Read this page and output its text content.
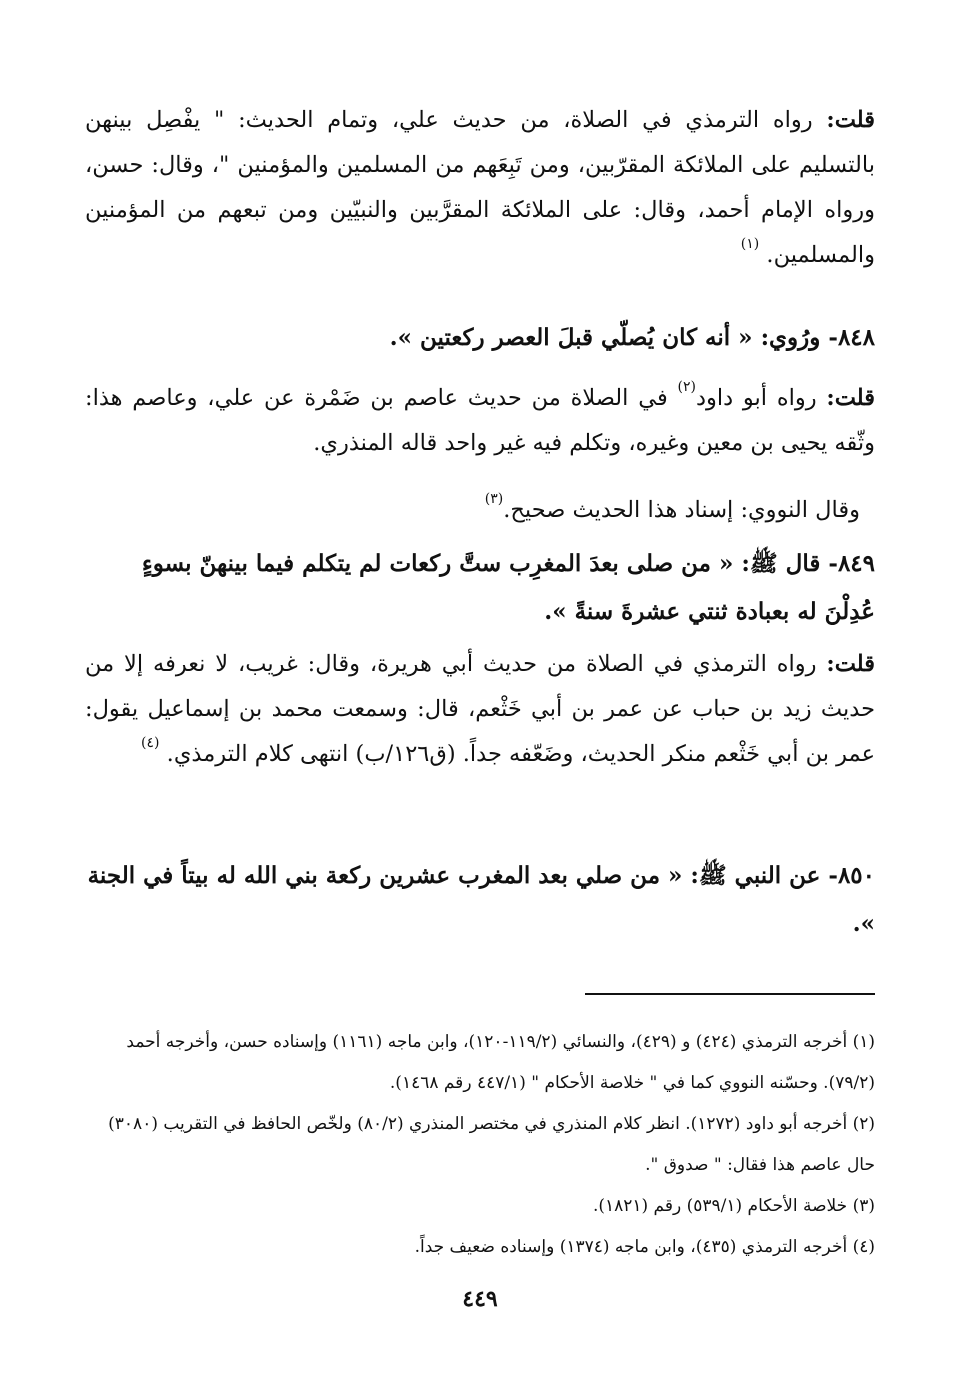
قلت: رواه الترمذي في الصلاة، من حديث علي، وتمام الحديث: " يفْصِل بينهن بالتسليم على الملائكة المقرّبين، ومن تَبِعَهم من المسلمين والمؤمنين "، وقال: حسن، ورواه الإمام أحمد، وقال: على الملائكة المقرَّبين والنبيّين ومن تبعهم من المؤمنين والمسلمين. $^{(١)}$

٨٤٨- ورُوي: « أنه كان يُصلّي قبلَ العصر ركعتين ».

قلت: رواه أبو داود$^{(٢)}$ في الصلاة من حديث عاصم بن ضَمْرة عن علي، وعاصم هذا: وثّقه يحيى بن معين وغيره، وتكلم فيه غير واحد قاله المنذري.

وقال النووي: إسناد هذا الحديث صحيح.$^{(٣)}$

٨٤٩- قال ﷺ: « من صلى بعدَ المغرِب ستَّ ركعات لم يتكلم فيما بينهنّ بسوءٍ عُدِلْنَ له بعبادة ثنتي عشرةَ سنةً ».

قلت: رواه الترمذي في الصلاة من حديث أبي هريرة، وقال: غريب، لا نعرفه إلا من حديث زيد بن حباب عن عمر بن أبي خَثْعم، قال: وسمعت محمد بن إسماعيل يقول: عمر بن أبي خَثْعم منكر الحديث، وضَعّفه جداً. (ق١٢٦/ب) انتهى كلام الترمذي. $^{(٤)}$

٨٥٠- عن النبي ﷺ: « من صلي بعد المغرب عشرين ركعة بني الله له بيتاً في الجنة ».

(١) أخرجه الترمذي (٤٢٤) و (٤٢٩)، والنسائي (١١٩/٢-١٢٠)، وابن ماجه (١١٦١) وإسناده حسن، وأخرجه أحمد (٧٩/٢). وحسّنه النووي كما في " خلاصة الأحكام " (٤٤٧/١ رقم ١٤٦٨).

(٢) أخرجه أبو داود (١٢٧٢). انظر كلام المنذري في مختصر المنذري (٨٠/٢) ولخّص الحافظ في التقريب (٣٠٨٠) حال عاصم هذا فقال: " صدوق ".

(٣) خلاصة الأحكام (٥٣٩/١) رقم (١٨٢١).

(٤) أخرجه الترمذي (٤٣٥)، وابن ماجه (١٣٧٤) وإسناده ضعيف جداً.

٤٤٩
